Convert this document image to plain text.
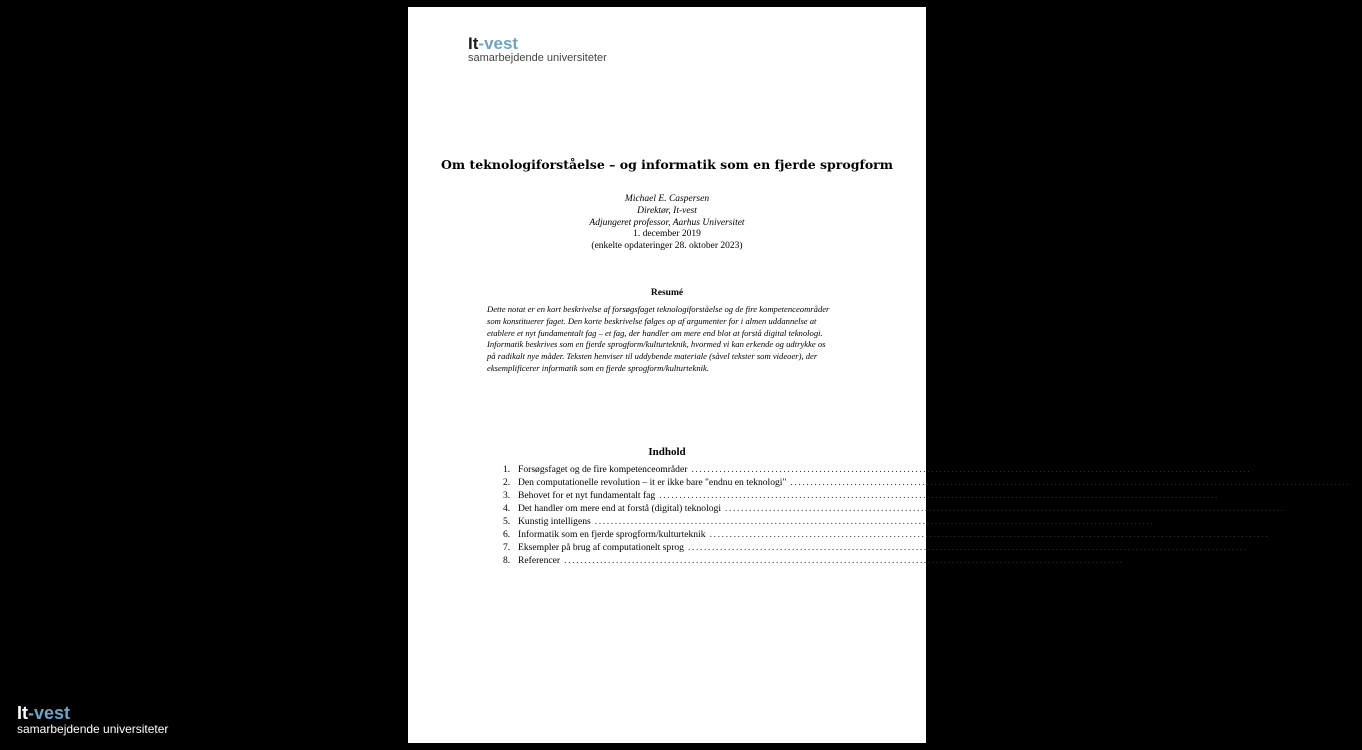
It-vest
samarbejdende universiteter
Om teknologiforståelse – og informatik som en fjerde sprogform
Michael E. Caspersen
Direktør, It-vest
Adjungeret professor, Aarhus Universitet
1. december 2019
(enkelte opdateringer 28. oktober 2023)
Resumé
Dette notat er en kort beskrivelse af forsøgsfaget teknologiforståelse og de fire kompetenceområder
som konstituerer faget. Den korte beskrivelse følges op af argumenter for i almen uddannelse at
etablere et nyt fundamentalt fag – et fag, der handler om mere end blot at forstå digital teknologi.
Informatik beskrives som en fjerde sprogform/kulturteknik, hvormed vi kan erkende og udtrykke os
på radikalt nye måder. Teksten henviser til uddybende materiale (såvel tekster som videoer), der
eksemplificerer informatik som en fjerde sprogform/kulturteknik.
Indhold
1. Forsøgsfaget og de fire kompetenceområder ............................................................................................................................................ 1
2. Den computationelle revolution – it er ikke bare "endnu en teknologi" ............................................................................................................................................ 2
3. Behovet for et nyt fundamentalt fag ............................................................................................................................................ 4
4. Det handler om mere end at forstå (digital) teknologi ............................................................................................................................................ 5
5. Kunstig intelligens ............................................................................................................................................ 6
6. Informatik som en fjerde sprogform/kulturteknik ............................................................................................................................................ 7
7. Eksempler på brug af computationelt sprog ............................................................................................................................................ 8
8. Referencer ............................................................................................................................................ 9
It-vest
samarbejdende universiteter
